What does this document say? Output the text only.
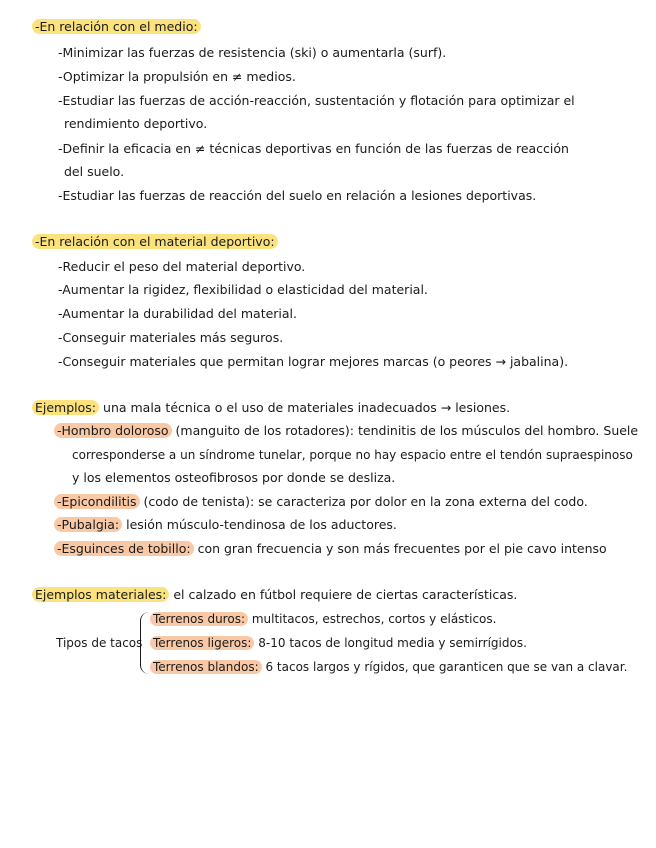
-En relación con el medio:
-Minimizar las fuerzas de resistencia (ski) o aumentarla (surf).
-Optimizar la propulsión en ≠ medios.
-Estudiar las fuerzas de acción-reacción, sustentación y flotación para optimizar el
rendimiento deportivo.
-Definir la eficacia en ≠ técnicas deportivas en función de las fuerzas de reacción
del suelo.
-Estudiar las fuerzas de reacción del suelo en relación a lesiones deportivas.
-En relación con el material deportivo:
-Reducir el peso del material deportivo.
-Aumentar la rigidez, flexibilidad o elasticidad del material.
-Aumentar la durabilidad del material.
-Conseguir materiales más seguros.
-Conseguir materiales que permitan lograr mejores marcas (o peores → jabalina).
Ejemplos: una mala técnica o el uso de materiales inadecuados → lesiones.
-Hombro doloroso (manguito de los rotadores): tendinitis de los músculos del hombro. Suele
corresponderse a un síndrome tunelar, porque no hay espacio entre el tendón supraespinoso
y los elementos osteofibrosos por donde se desliza.
-Epicondilitis (codo de tenista): se caracteriza por dolor en la zona externa del codo.
-Pubalgia: lesión músculo-tendinosa de los aductores.
-Esguinces de tobillo: con gran frecuencia y son más frecuentes por el pie cavo intenso
Ejemplos materiales: el calzado en fútbol requiere de ciertas características.
Tipos de tacos
Terrenos duros: multitacos, estrechos, cortos y elásticos.
Terrenos ligeros: 8-10 tacos de longitud media y semirrígidos.
Terrenos blandos: 6 tacos largos y rígidos, que garanticen que se van a clavar.
